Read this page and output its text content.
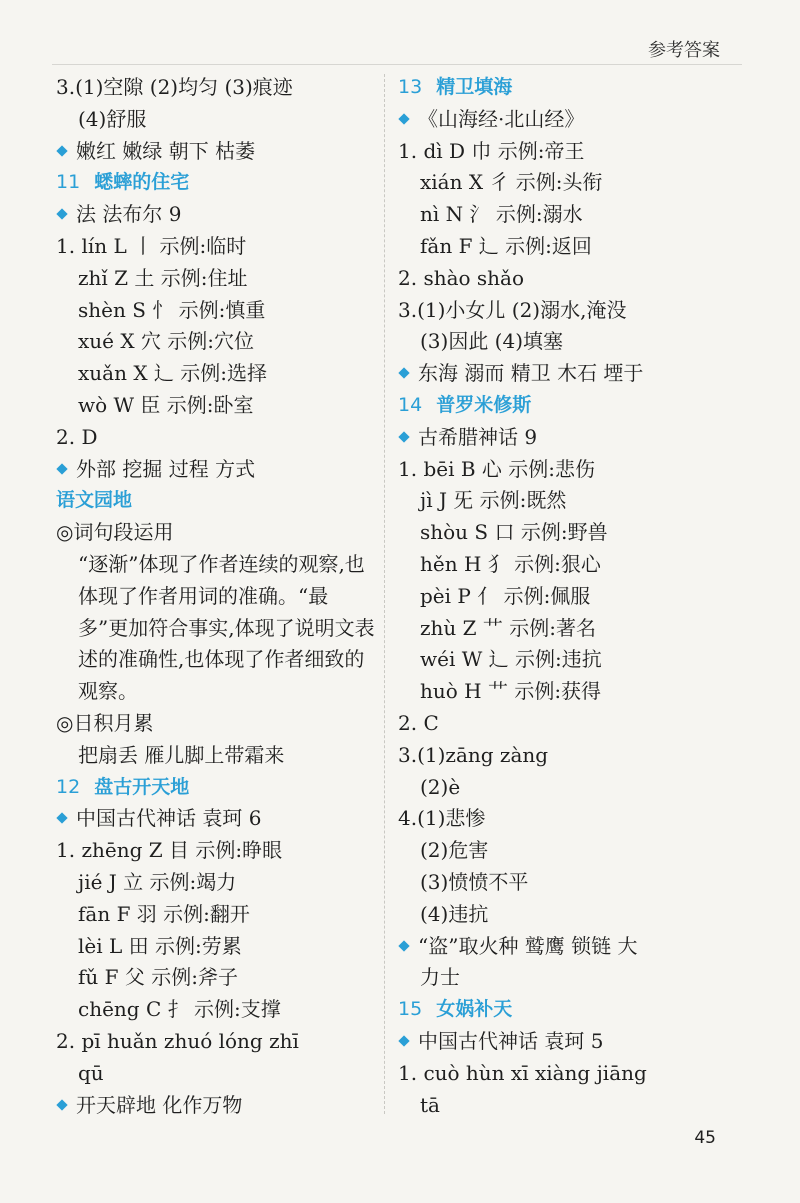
参考答案
3.(1)空隙 (2)均匀 (3)痕迹
(4)舒服
嫩红 嫩绿 朝下 枯萎
11 蟋蟀的住宅
法 法布尔 9
1. lín L 丨 示例:临时
zhǐ Z 土 示例:住址
shèn S 忄 示例:慎重
xué X 穴 示例:穴位
xuǎn X 辶 示例:选择
wò W 臣 示例:卧室
2. D
外部 挖掘 过程 方式
语文园地
◎词句段运用
“逐渐”体现了作者连续的观察,也体现了作者用词的准确。“最多”更加符合事实,体现了说明文表述的准确性,也体现了作者细致的观察。
◎日积月累
把扇丢 雁儿脚上带霜来
12 盘古开天地
中国古代神话 袁珂 6
1. zhēng Z 目 示例:睁眼
jié J 立 示例:竭力
fān F 羽 示例:翻开
lèi L 田 示例:劳累
fǔ F 父 示例:斧子
chēng C 扌 示例:支撑
2. pī huǎn zhuó lóng zhī
qū
开天辟地 化作万物
13 精卫填海
《山海经·北山经》
1. dì D 巾 示例:帝王
xián X 彳 示例:头衔
nì N 氵 示例:溺水
fǎn F 辶 示例:返回
2. shào shǎo
3.(1)小女儿 (2)溺水,淹没
(3)因此 (4)填塞
东海 溺而 精卫 木石 堙于
14 普罗米修斯
古希腊神话 9
1. bēi B 心 示例:悲伤
jì J 旡 示例:既然
shòu S 口 示例:野兽
hěn H 犭 示例:狠心
pèi P 亻 示例:佩服
zhù Z 艹 示例:著名
wéi W 辶 示例:违抗
huò H 艹 示例:获得
2. C
3.(1)zāng zàng
(2)è
4.(1)悲惨
(2)危害
(3)愤愤不平
(4)违抗
“盗”取火种 鹫鹰 锁链 大
力士
15 女娲补天
中国古代神话 袁珂 5
1. cuò hùn xī xiàng jiāng
tā
45
